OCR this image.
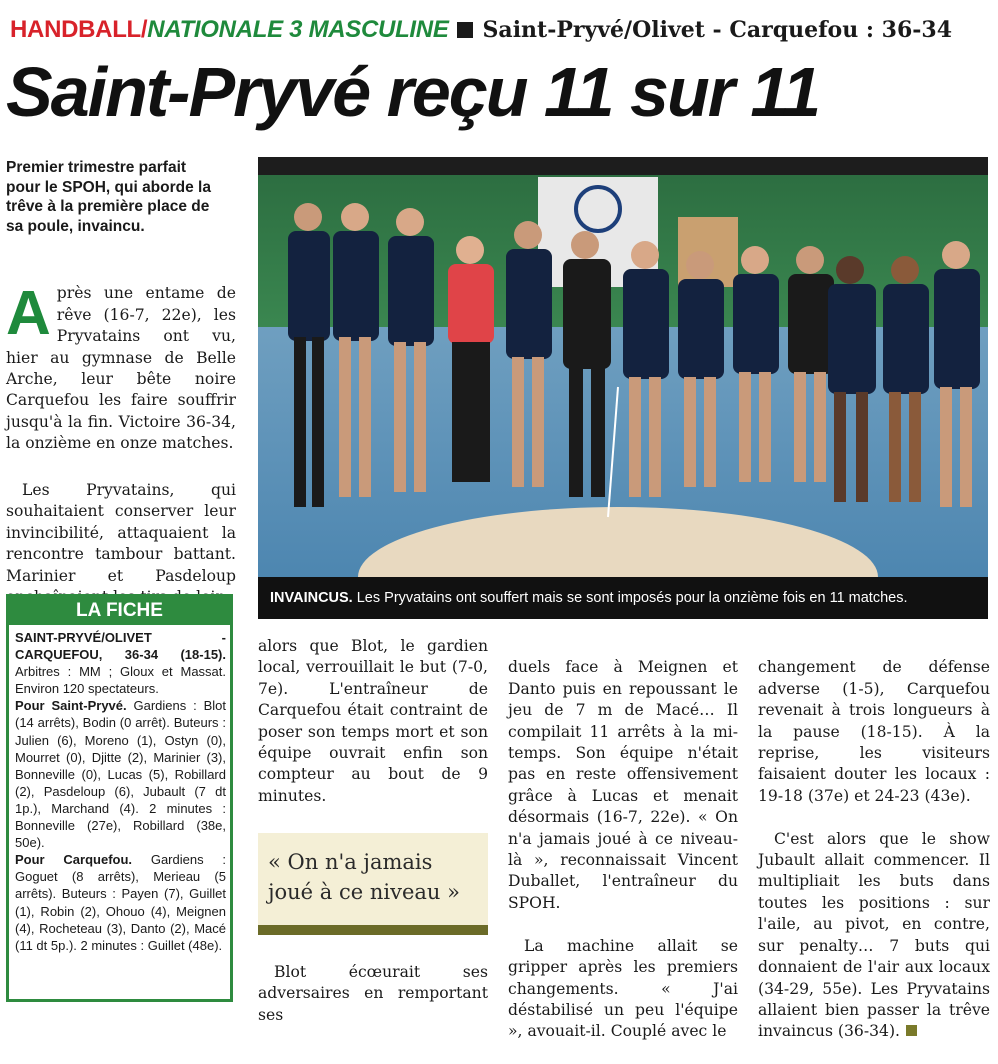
HANDBALL/ NATIONALE 3 MASCULINE Saint-Pryvé/Olivet - Carquefou : 36-34
Saint-Pryvé reçu 11 sur 11
Premier trimestre parfait
pour le SPOH, qui aborde la
trêve à la première place de
sa poule, invaincu.

Après une entame de rêve (16-7, 22e), les Pryvatains ont vu, hier au gymnase de Belle Arche, leur bête noire Carquefou les faire souffrir jusqu'à la fin. Victoire 36-34, la onzième en onze matches.

Les Pryvatains, qui souhaitaient conserver leur invincibilité, attaquaient la rencontre tambour battant. Marinier et Pasdeloup

LA FICHE
SAINT-PRYVÉ/OLIVET - CARQUEFOU, 36-34 (18-15). Arbitres : MM ; Gloux et Massat. Environ 120 spectateurs.
Pour Saint-Pryvé. Gardiens : Blot (14 arrêts), Bodin (0 arrêt). Buteurs : Julien (6), Moreno (1), Ostyn (0), Mourret (0), Djitte (2), Marinier (3), Bonneville (0), Lucas (5), Robillard (2), Pasdeloup (6), Jubault (7 dt 1p.), Marchand (4). 2 minutes : Bonneville (27e), Robillard (38e, 50e).
Pour Carquefou. Gardiens : Goguet (8 arrêts), Merieau (5 arrêts). Buteurs : Payen (7), Guillet (1), Robin (2), Ohouo (4), Meignen (4), Rocheteau (3), Danto (2), Macé (11 dt 5p.). 2 minutes : Guillet (48e).
INVAINCUS. Les Pryvatains ont souffert mais se sont imposés pour la onzième fois en 11 matches.
alors que Blot, le gardien local, verrouillait le but (7-0, 7e). L'entraîneur de Carquefou était contraint de poser son temps mort et son équipe ouvrait enfin son compteur au bout de 9 minutes.
« On n'a jamais
joué à ce niveau »
Blot écœurait ses adversaires en remportant ses

duels face à Meignen et Danto puis en repoussant le jeu de 7 m de Macé… Il compilait 11 arrêts à la mi-temps. Son équipe n'était pas en reste offensivement grâce à Lucas et menait désormais (16-7, 22e). « On n'a jamais joué à ce niveau-là », reconnaissait Vincent Duballet, l'entraîneur du SPOH.

La machine allait se gripper après les premiers changements. « J'ai déstabilisé un peu l'équipe », avouait-il. Couplé avec le

changement de défense adverse (1-5), Carquefou revenait à trois longueurs à la pause (18-15). À la reprise, les visiteurs faisaient douter les locaux : 19-18 (37e) et 24-23 (43e).

C'est alors que le show Jubault allait commencer. Il multipliait les buts dans toutes les positions : sur l'aile, au pivot, en contre, sur penalty… 7 buts qui donnaient de l'air aux locaux (34-29, 55e). Les Pryvatains allaient bien passer la trêve invaincus (36-34).
